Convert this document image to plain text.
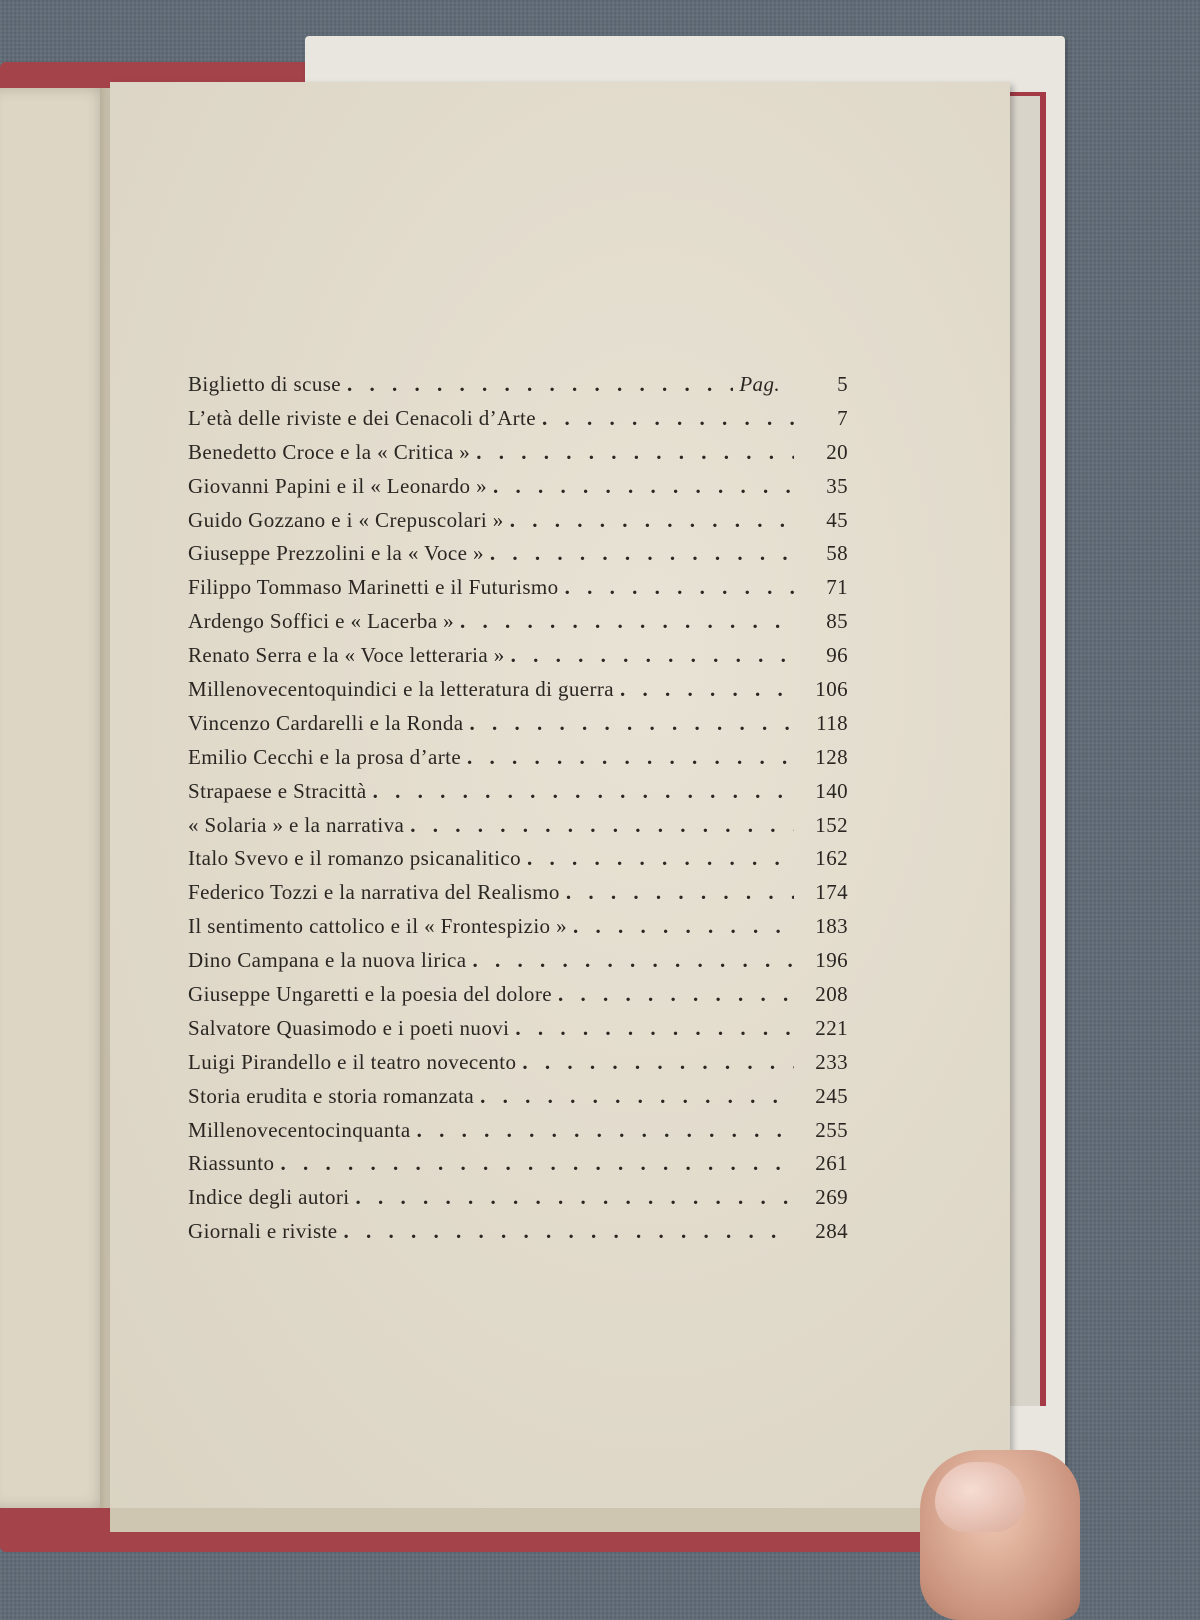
Biglietto di scuse . . .	Pag.	5
L’età delle riviste e dei Cenacoli d’Arte . . .	7
Benedetto Croce e la « Critica » . . .	20
Giovanni Papini e il « Leonardo » . . .	35
Guido Gozzano e i « Crepuscolari » . . .	45
Giuseppe Prezzolini e la « Voce » . . .	58
Filippo Tommaso Marinetti e il Futurismo . . .	71
Ardengo Soffici e « Lacerba » . . .	85
Renato Serra e la « Voce letteraria » . . .	96
Millenovecentoquindici e la letteratura di guerra . . .	106
Vincenzo Cardarelli e la Ronda . . .	118
Emilio Cecchi e la prosa d’arte . . .	128
Strapaese e Stracittà . . .	140
« Solaria » e la narrativa . . .	152
Italo Svevo e il romanzo psicanalitico . . .	162
Federico Tozzi e la narrativa del Realismo . . .	174
Il sentimento cattolico e il « Frontespizio » . . .	183
Dino Campana e la nuova lirica . . .	196
Giuseppe Ungaretti e la poesia del dolore . . .	208
Salvatore Quasimodo e i poeti nuovi . . .	221
Luigi Pirandello e il teatro novecento . . .	233
Storia erudita e storia romanzata . . .	245
Millenovecentocinquanta . . .	255
Riassunto . . .	261
Indice degli autori . . .	269
Giornali e riviste . . .	284
